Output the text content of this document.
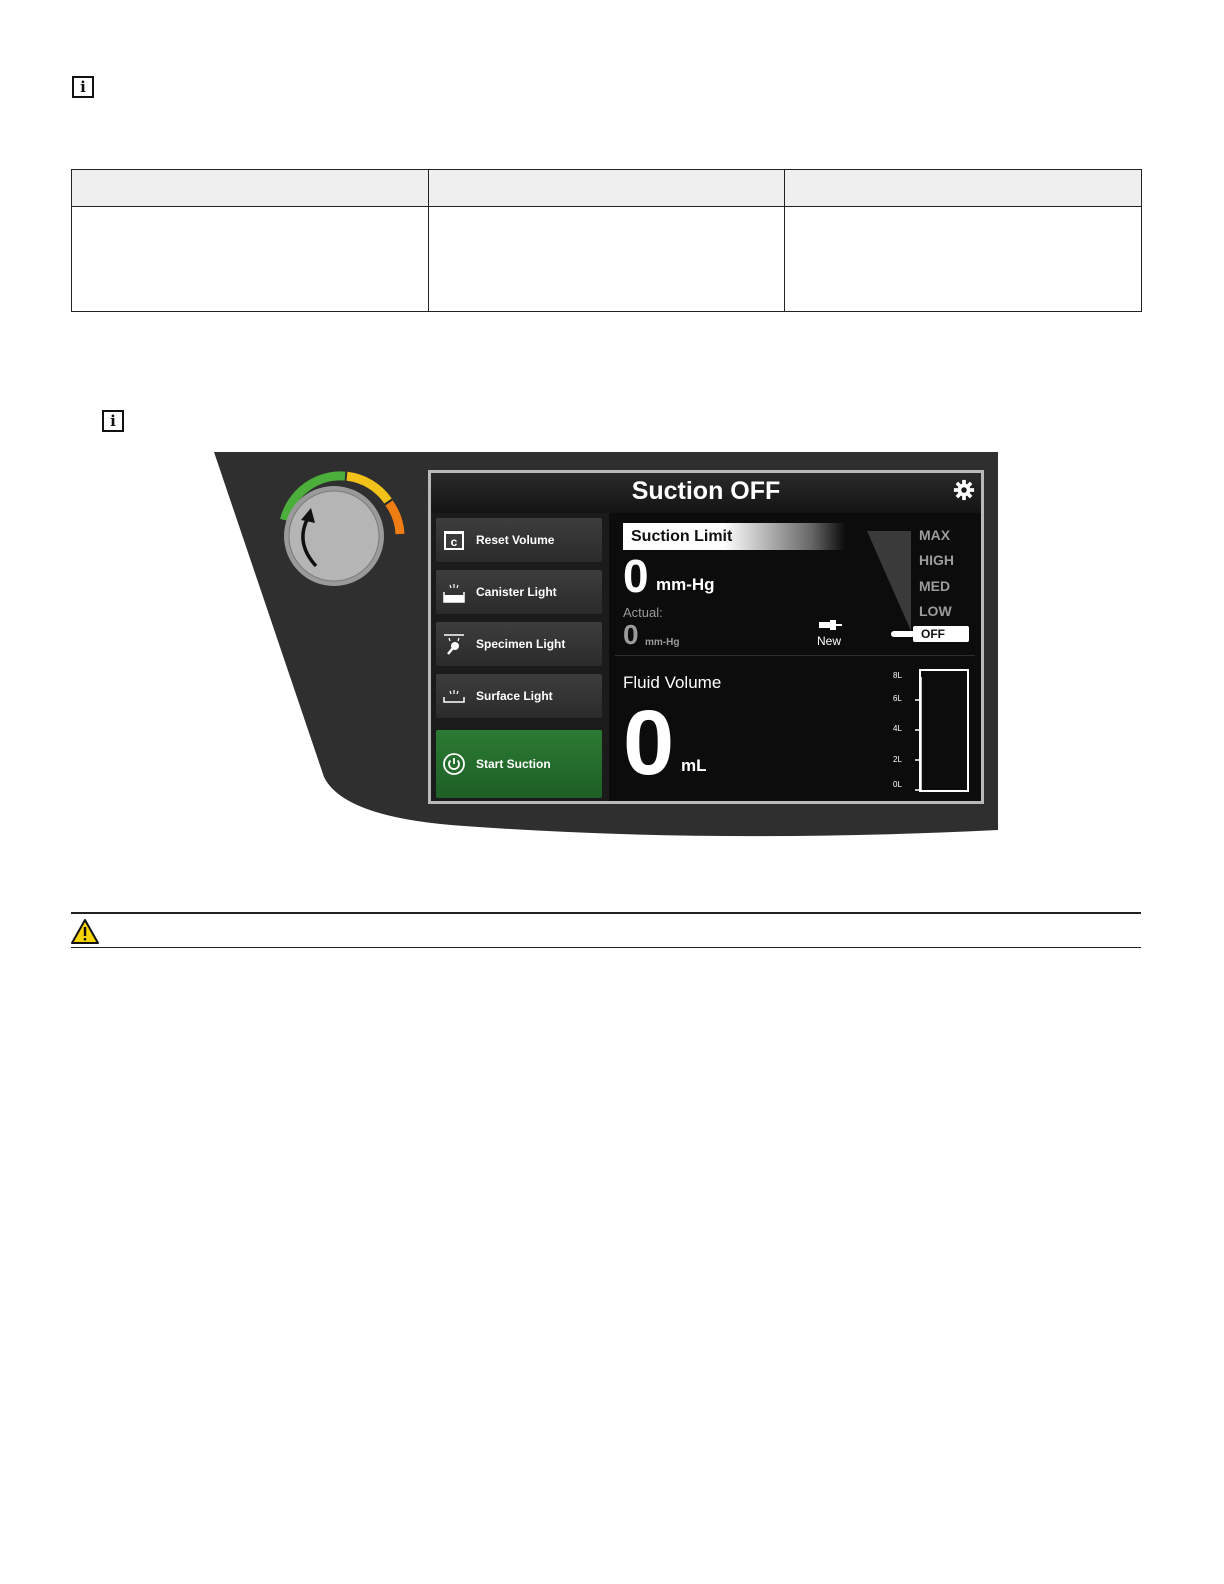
i

i
Suction OFF
c Reset Volume
Canister Light
Specimen Light
Surface Light
Start Suction
Suction Limit
0 mm-Hg
Actual:
0 mm-Hg	New
MAX
HIGH
MED
LOW
OFF
Fluid Volume
0 mL
8L
6L
4L
2L
0L
